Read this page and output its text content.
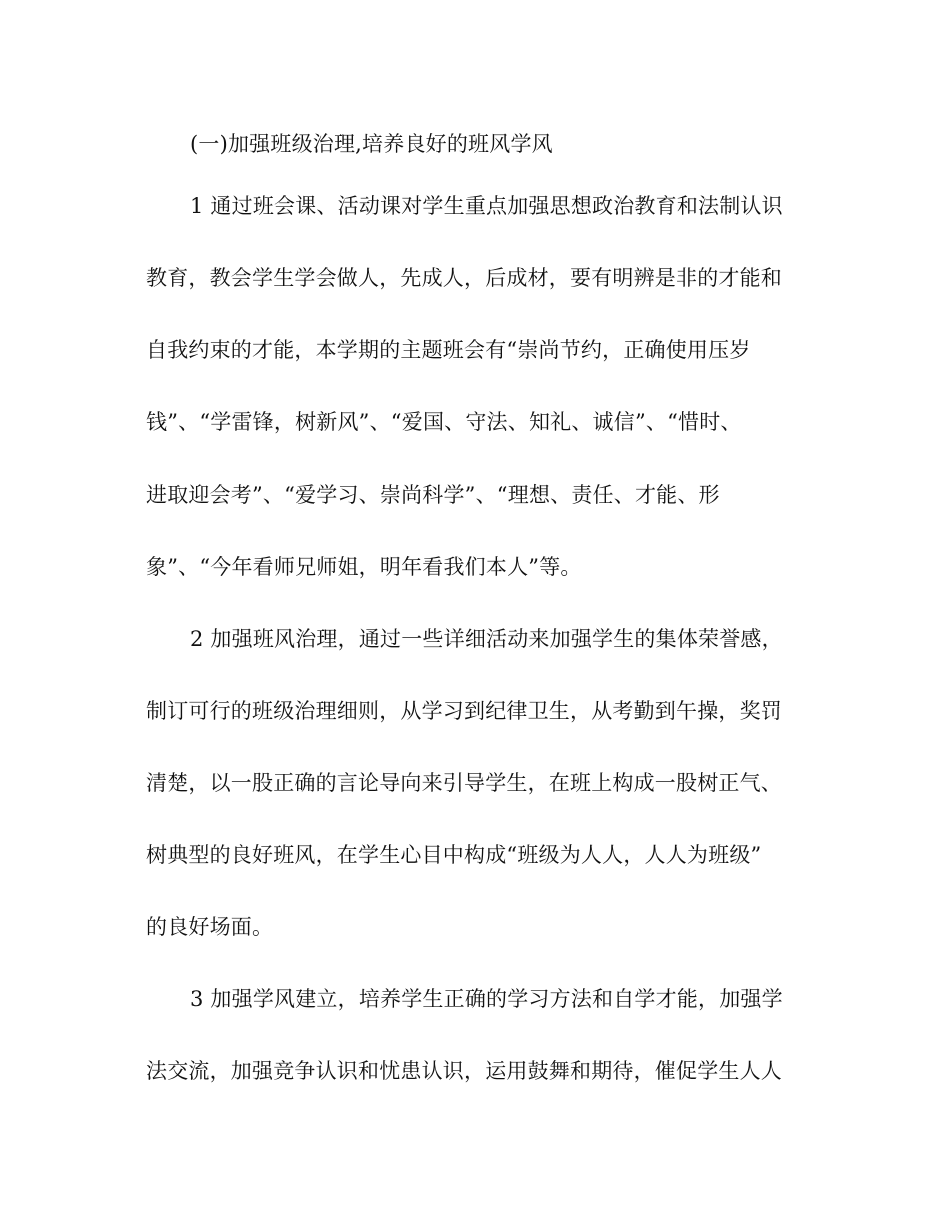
(一)加强班级治理,培养良好的班风学风
1 通过班会课、活动课对学生重点加强思想政治教育和法制认识
教育，教会学生学会做人，先成人，后成材，要有明辨是非的才能和
自我约束的才能，本学期的主题班会有“崇尚节约，正确使用压岁
钱”、“学雷锋，树新风”、“爱国、守法、知礼、诚信”、“惜时、
进取迎会考”、“爱学习、崇尚科学”、“理想、责任、才能、形
象”、“今年看师兄师姐，明年看我们本人”等。
2 加强班风治理，通过一些详细活动来加强学生的集体荣誉感，
制订可行的班级治理细则，从学习到纪律卫生，从考勤到午操，奖罚
清楚，以一股正确的言论导向来引导学生，在班上构成一股树正气、
树典型的良好班风，在学生心目中构成“班级为人人，人人为班级”
的良好场面。
3 加强学风建立，培养学生正确的学习方法和自学才能，加强学
法交流，加强竞争认识和忧患认识，运用鼓舞和期待，催促学生人人
